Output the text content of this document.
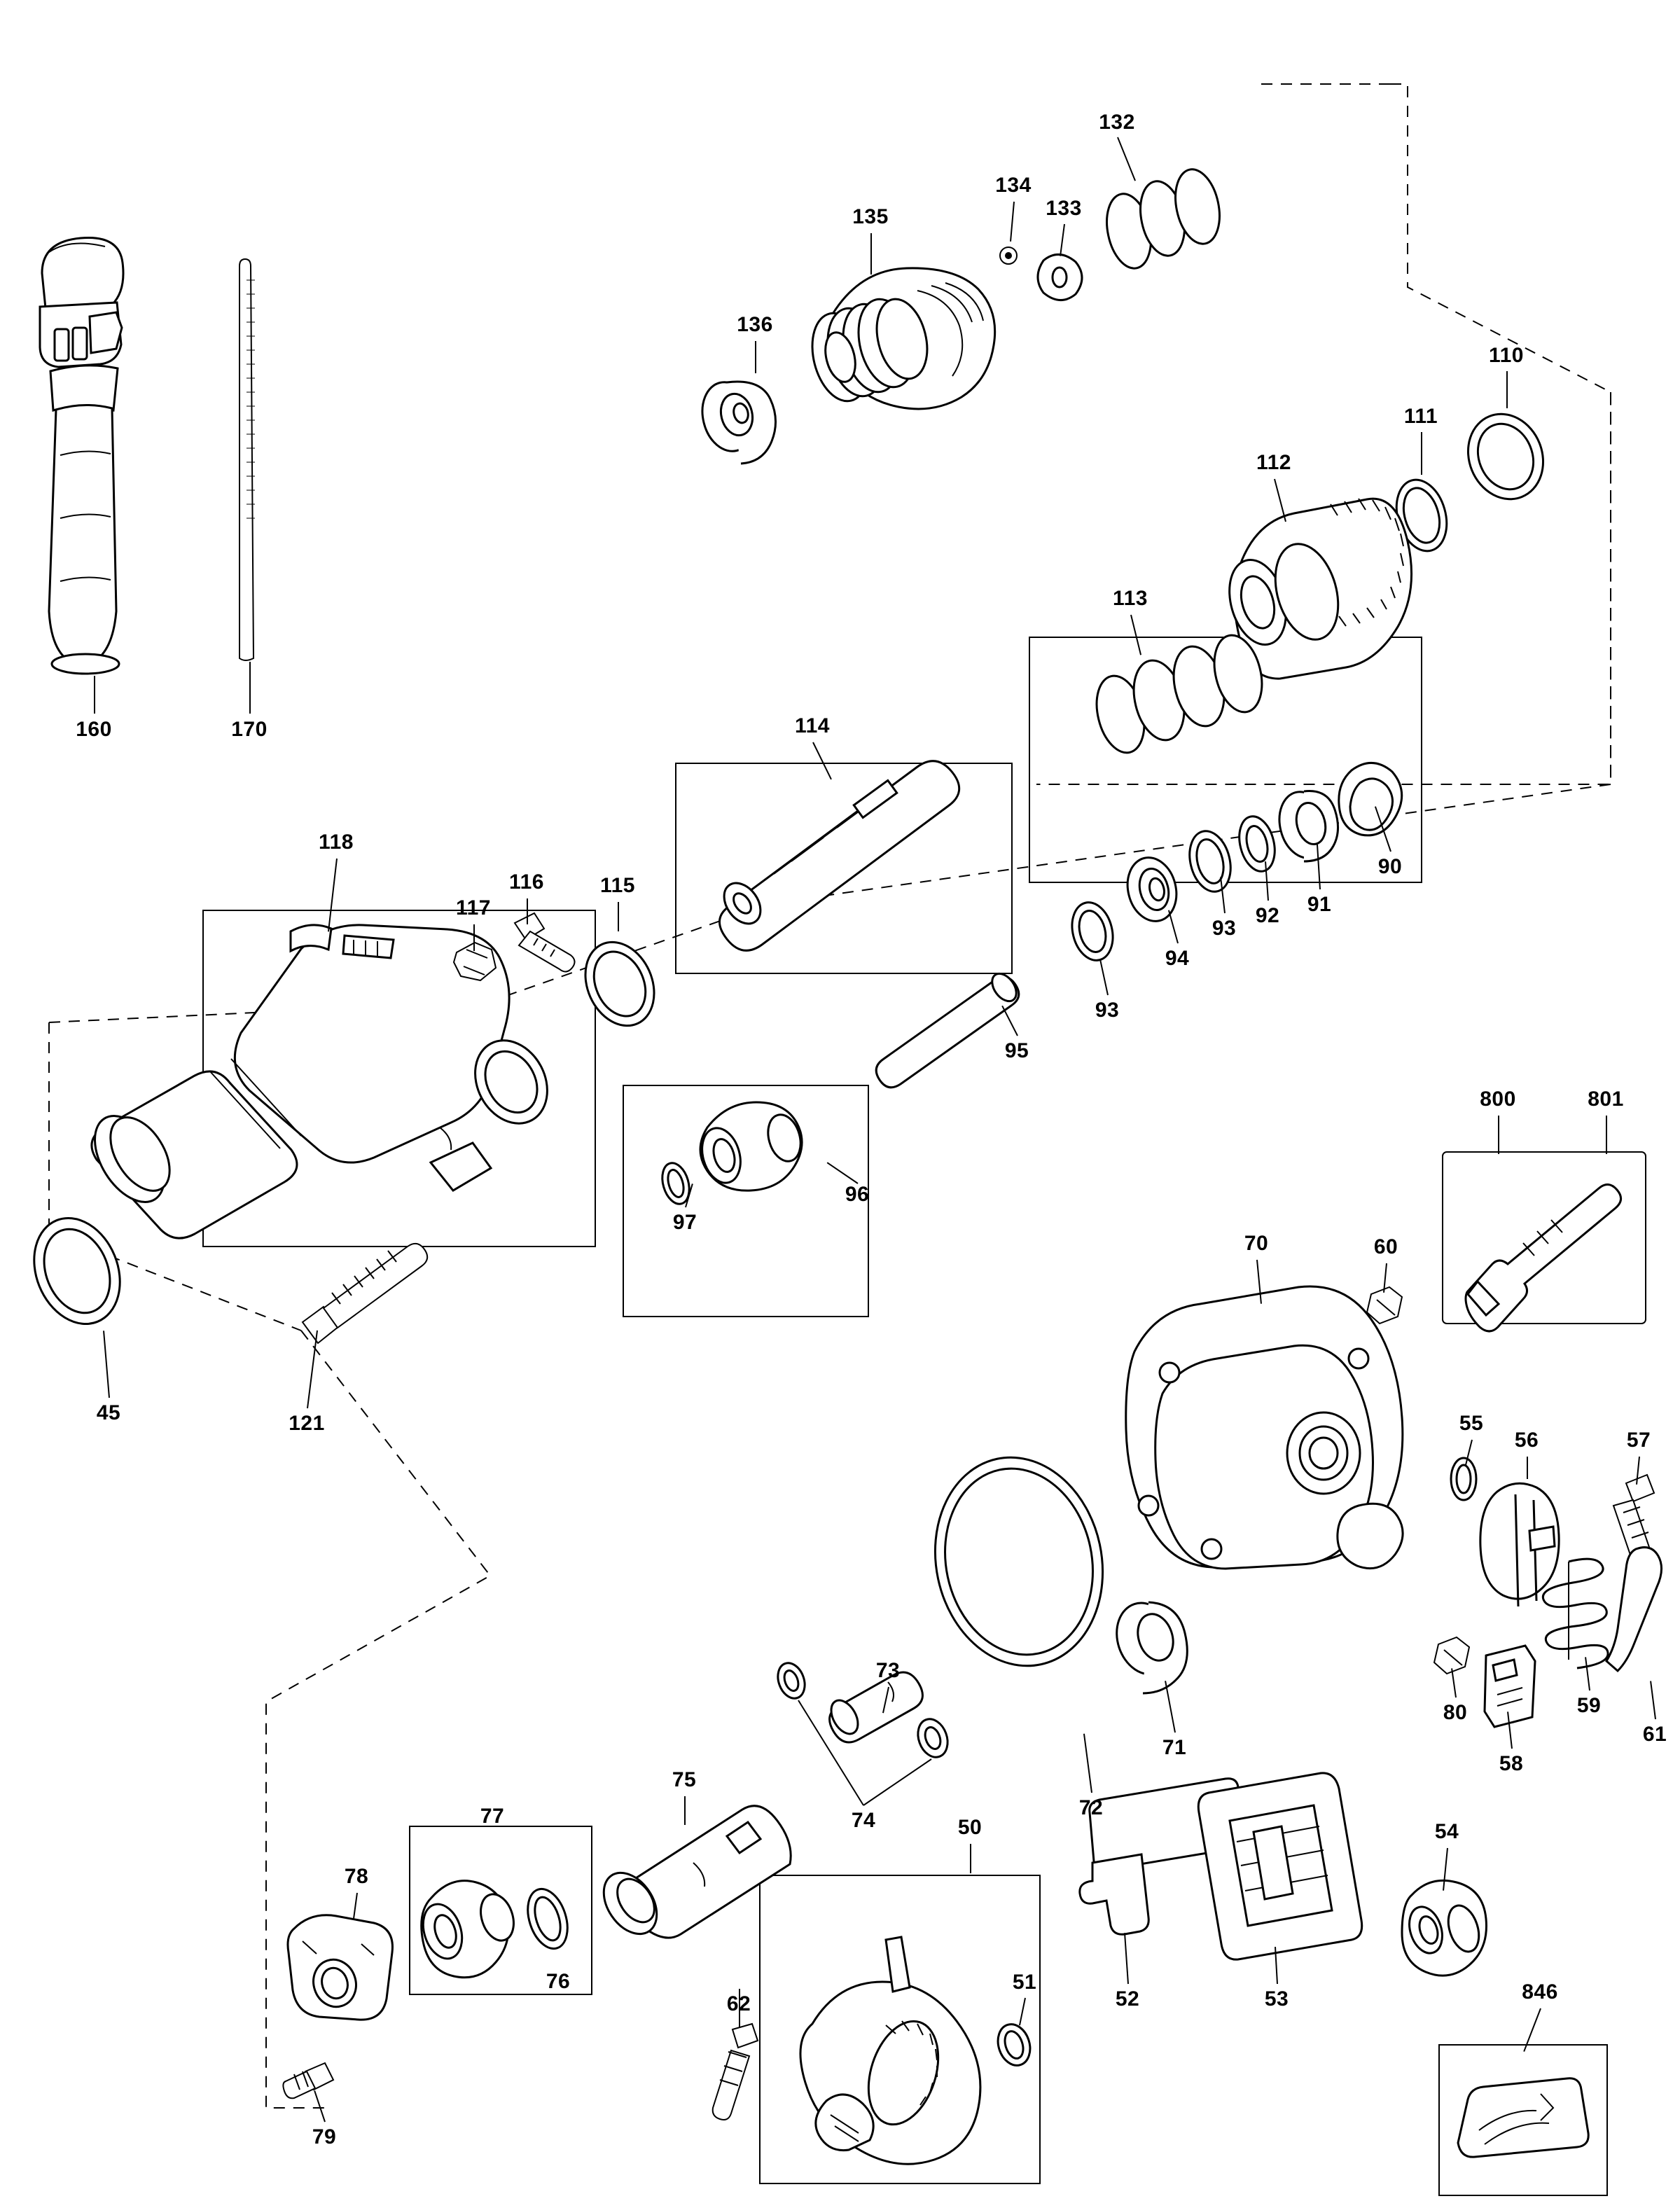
132
134
133
135
136
110
111
112
113
114
160	170
90
91
92
93
94
93
118
116	115
117
95
96
97
45	121
800	801
70	60
55
56	57
59
61
80
58
71
72
73
74
75
77
78
76
50
51
52	53
54
62
79
846
